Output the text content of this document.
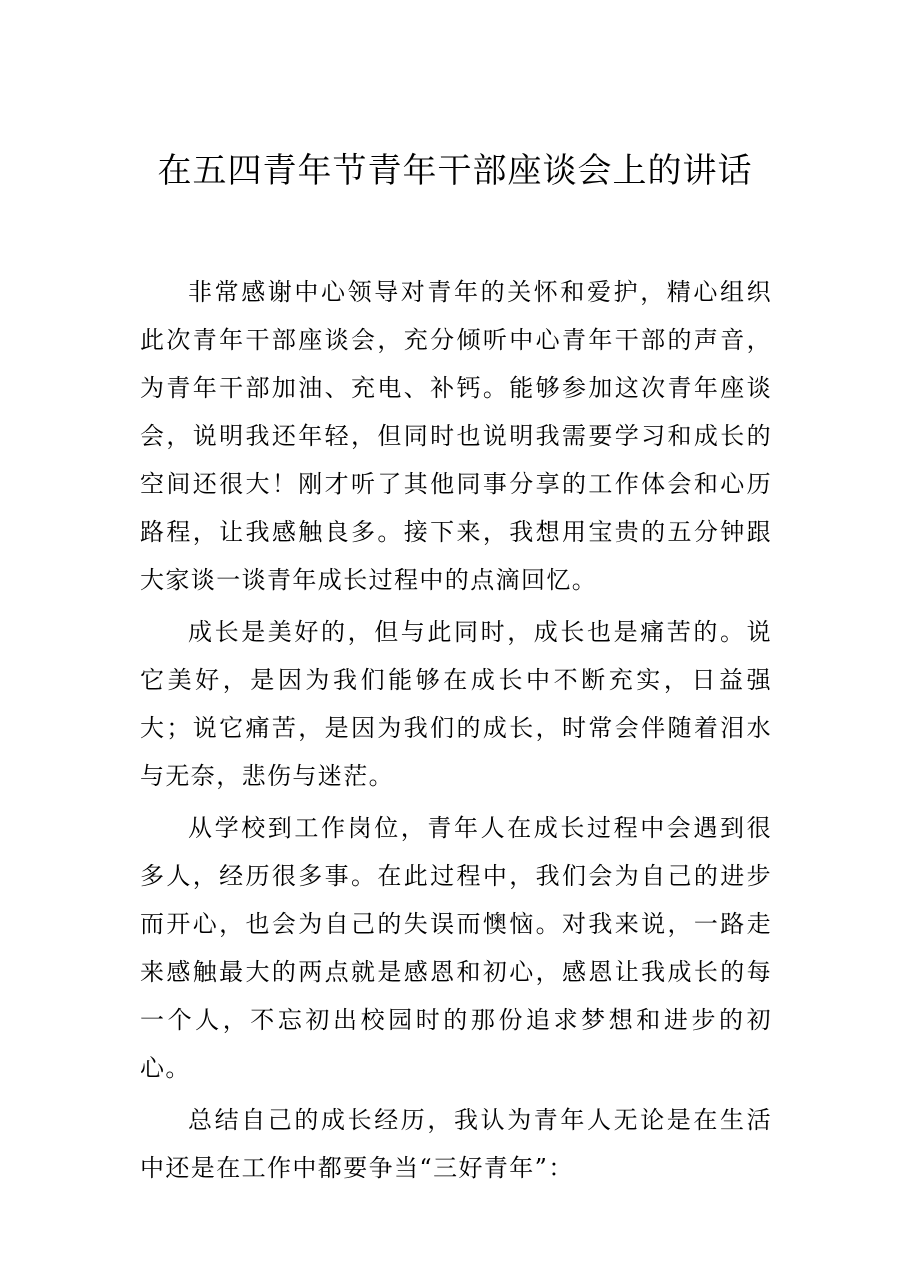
在五四青年节青年干部座谈会上的讲话

非常感谢中心领导对青年的关怀和爱护，精心组织此次青年干部座谈会，充分倾听中心青年干部的声音，为青年干部加油、充电、补钙。能够参加这次青年座谈会，说明我还年轻，但同时也说明我需要学习和成长的空间还很大！刚才听了其他同事分享的工作体会和心历路程，让我感触良多。接下来，我想用宝贵的五分钟跟大家谈一谈青年成长过程中的点滴回忆。

成长是美好的，但与此同时，成长也是痛苦的。说它美好，是因为我们能够在成长中不断充实，日益强大；说它痛苦，是因为我们的成长，时常会伴随着泪水与无奈，悲伤与迷茫。

从学校到工作岗位，青年人在成长过程中会遇到很多人，经历很多事。在此过程中，我们会为自己的进步而开心，也会为自己的失误而懊恼。对我来说，一路走来感触最大的两点就是感恩和初心，感恩让我成长的每一个人，不忘初出校园时的那份追求梦想和进步的初心。

总结自己的成长经历，我认为青年人无论是在生活中还是在工作中都要争当“三好青年”：
